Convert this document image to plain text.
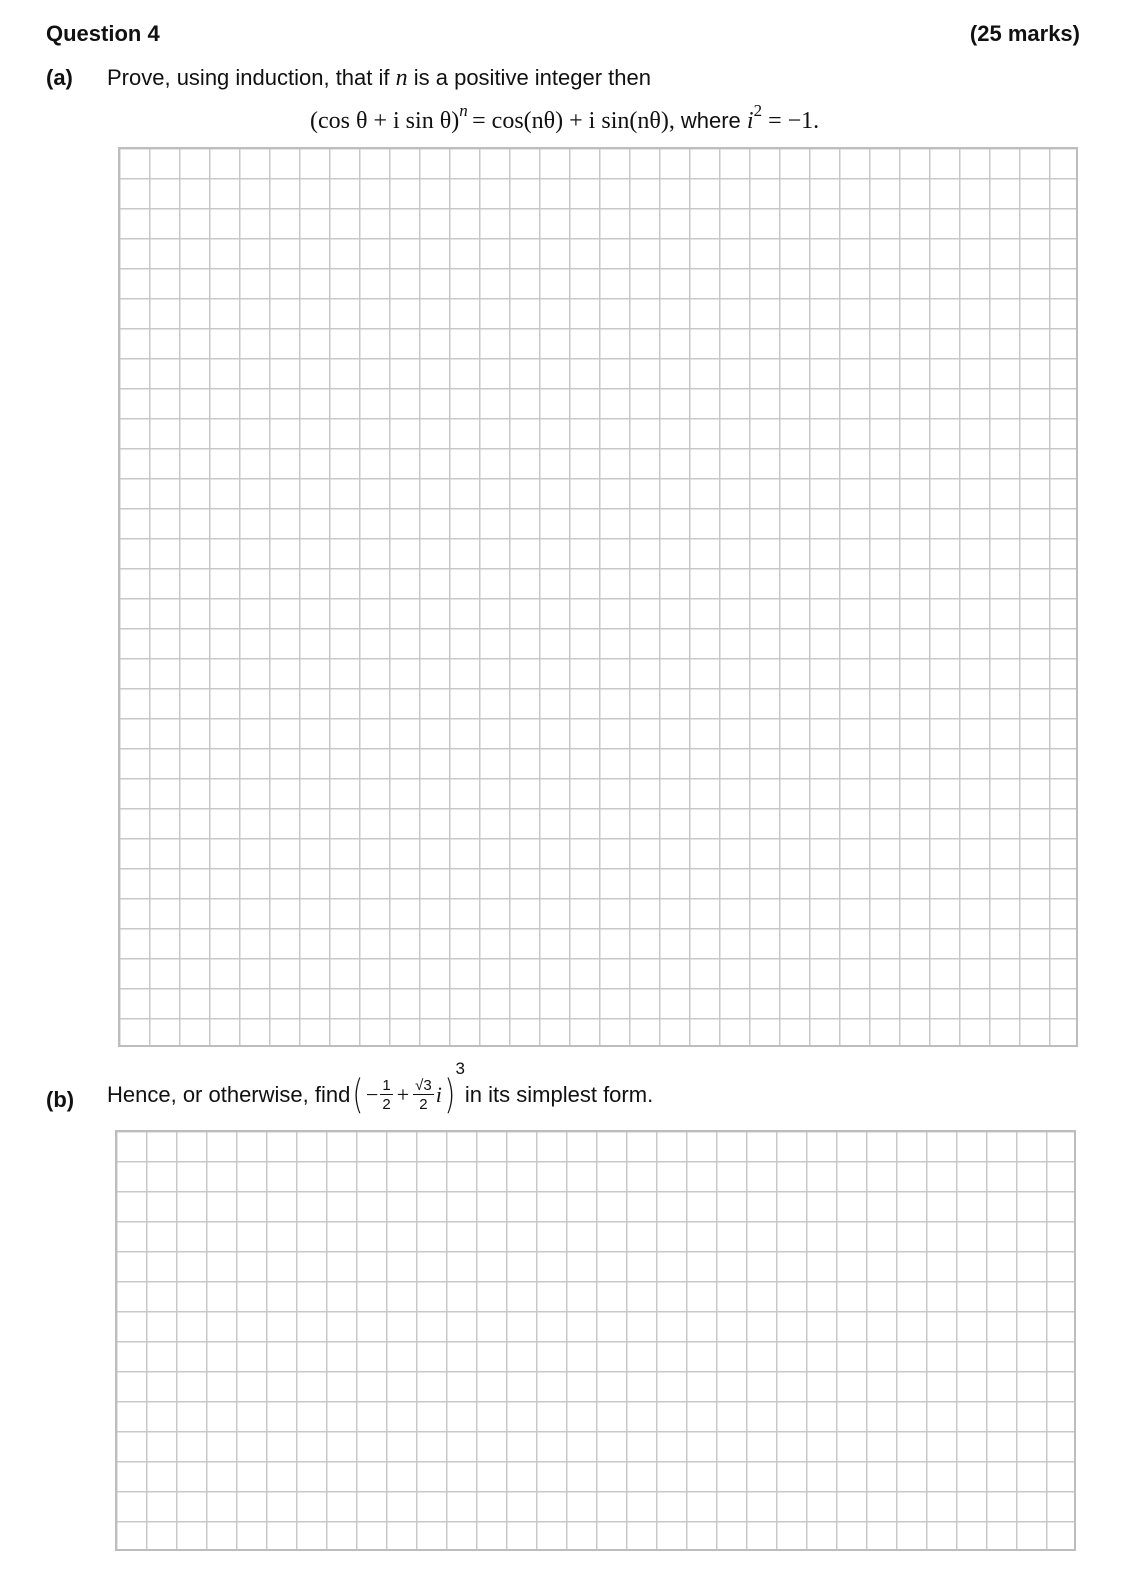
Question 4	(25 marks)
(a) Prove, using induction, that if n is a positive integer then
(cos θ + i sin θ)n = cos(nθ) + i sin(nθ), where i2 = −1.
(b) Hence, or otherwise, find ( − $\frac{1}{2} + \frac{√3}{2}$ i )
3
in its simplest form.
